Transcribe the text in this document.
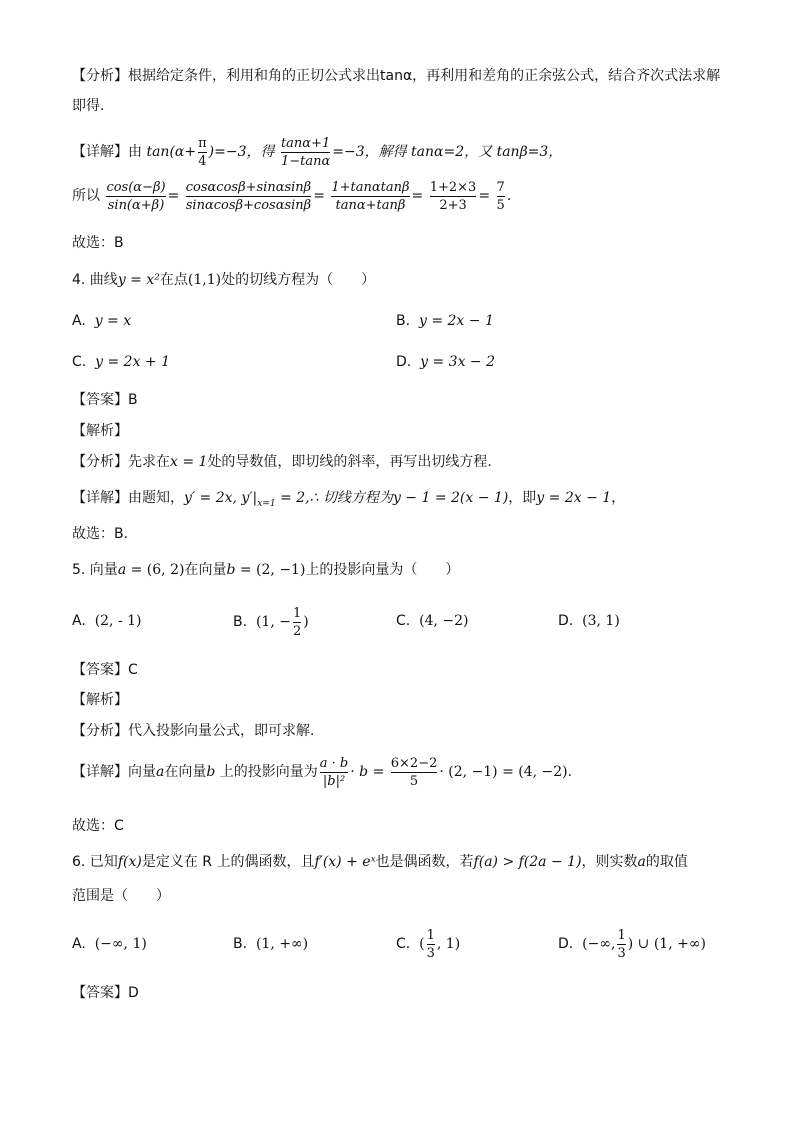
【分析】根据给定条件，利用和角的正切公式求出tanα，再利用和差角的正余弦公式，结合齐次式法求解
即得.
【详解】由 $\tan(\alpha+ \frac{\pi}{4} )=-3$，得 $\frac{\tan\alpha+1}{1-\tan\alpha} =-3$，解得 tanα=2，又 tanβ=3，
所以 $\frac{\cos(\alpha-\beta)}{\sin(\alpha+\beta)} = \frac{\cos\alpha\cos\beta+\sin\alpha\sin\beta}{\sin\alpha\cos\beta+\cos\alpha\sin\beta} = \frac{1+\tan\alpha\tan\beta}{\tan\alpha+\tan\beta} = \frac{1+2\times 3}{2+3} = \frac{7}{5}$ .
故选：B
4. 曲线y = x²在点(1,1)处的切线方程为（　　）
A. y = x	B. y = 2x − 1
C. y = 2x + 1	D. y = 3x − 2
【答案】B
【解析】
【分析】先求在x = 1处的导数值，即切线的斜率，再写出切线方程.
【详解】由题知，y′ = 2x, $y'|_{x=1}$ = 2,∴ 切线方程为y − 1 = 2(x − 1)，即y = 2x − 1，
故选：B.
5. 向量a = (6, 2)在向量b = (2, −1)上的投影向量为（　　）
A. (2, - 1)	B. (1, − $\frac{1}{2}$ )	C. (4, −2)	D. (3, 1)
【答案】C
【解析】
【分析】代入投影向量公式，即可求解.
【详解】向量a在向量b 上的投影向量为 $\frac{a \cdot b}{\text{|b|²}} \cdot b = \frac{6\times 2-2}{5} \cdot (2$, −1) = (4, −2).
故选：C
6. 已知f(x)是定义在 R 上的偶函数，且f′(x) + eˣ也是偶函数，若f(a) > f(2a − 1)，则实数a的取值
范围是（　　）
A. (−∞, 1)	B. (1, +∞)	C. ( $\frac{1}{3}$ , 1)	D. (−∞, $\frac{1}{3}$ ) ∪ (1, +∞)
【答案】D
